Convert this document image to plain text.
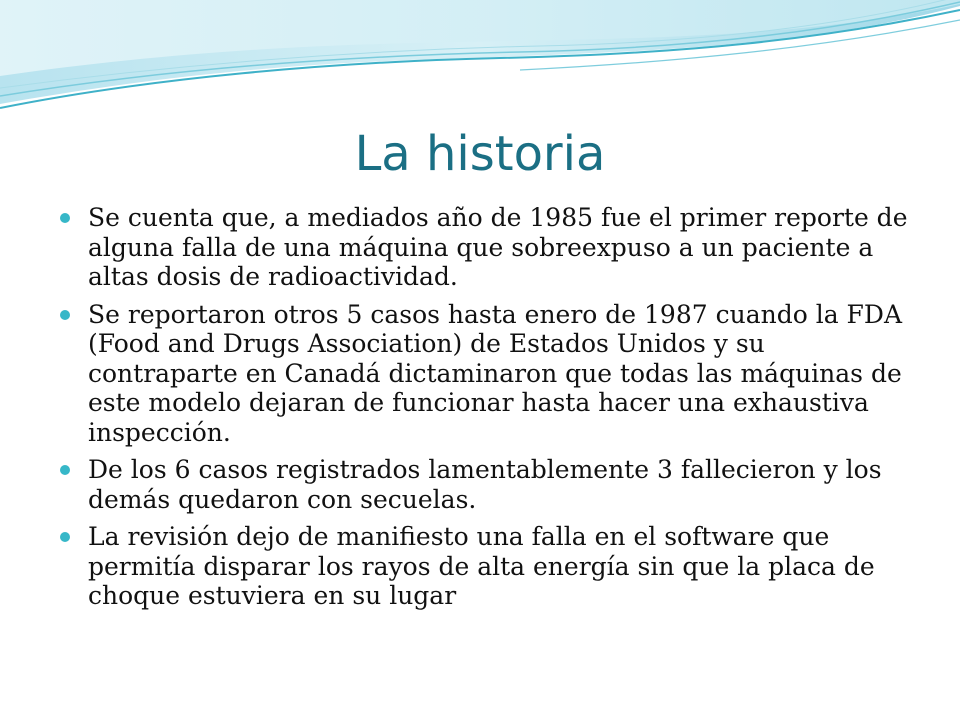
La historia
Se cuenta que, a mediados año de 1985 fue el primer reporte de alguna falla de una máquina que sobreexpuso a un paciente a altas dosis de radioactividad.
Se reportaron otros 5 casos hasta enero de 1987 cuando la FDA (Food and Drugs Association) de Estados Unidos y su contraparte en Canadá dictaminaron que todas las máquinas de este modelo dejaran de funcionar hasta hacer una exhaustiva inspección.
De los 6 casos registrados lamentablemente 3 fallecieron y los demás quedaron con secuelas.
La revisión dejo de manifiesto una falla en el software que permitía disparar los rayos de alta energía sin que la placa de choque estuviera en su lugar
